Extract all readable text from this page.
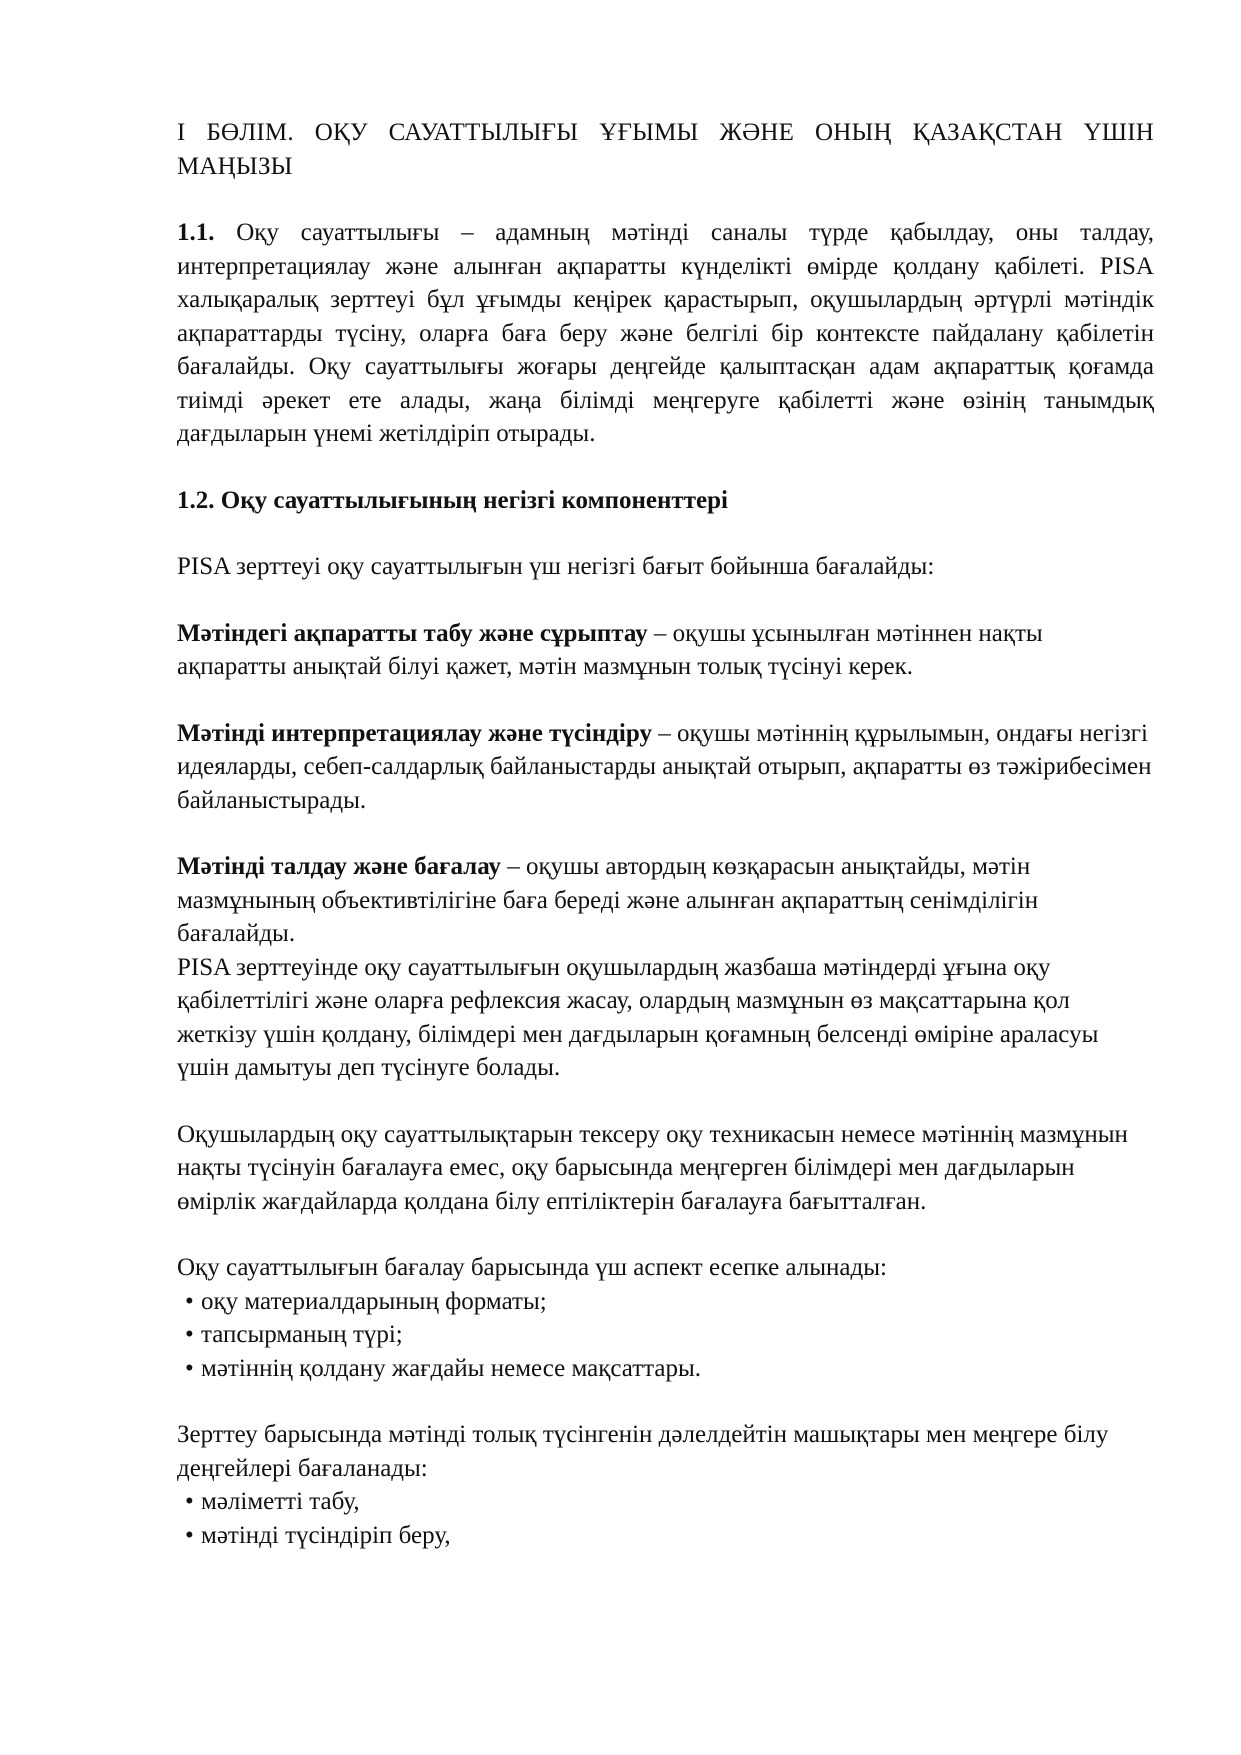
І БӨЛІМ. ОҚУ САУАТТЫЛЫҒЫ ҰҒЫМЫ ЖӘНЕ ОНЫҢ ҚАЗАҚСТАН ҮШІН МАҢЫЗЫ

1.1. Оқу сауаттылығы – адамның мәтінді саналы түрде қабылдау, оны талдау, интерпретациялау және алынған ақпаратты күнделікті өмірде қолдану қабілеті. PISA халықаралық зерттеуі бұл ұғымды кеңірек қарастырып, оқушылардың әртүрлі мәтіндік ақпараттарды түсіну, оларға баға беру және белгілі бір контексте пайдалану қабілетін бағалайды. Оқу сауаттылығы жоғары деңгейде қалыптасқан адам ақпараттық қоғамда тиімді әрекет ете алады, жаңа білімді меңгеруге қабілетті және өзінің танымдық дағдыларын үнемі жетілдіріп отырады.

1.2. Оқу сауаттылығының негізгі компоненттері

PISA зерттеуі оқу сауаттылығын үш негізгі бағыт бойынша бағалайды:

Мәтіндегі ақпаратты табу және сұрыптау – оқушы ұсынылған мәтіннен нақты ақпаратты анықтай білуі қажет, мәтін мазмұнын толық түсінуі керек.

Мәтінді интерпретациялау және түсіндіру – оқушы мәтіннің құрылымын, ондағы негізгі идеяларды, себеп-салдарлық байланыстарды анықтай отырып, ақпаратты өз тәжірибесімен байланыстырады.

Мәтінді талдау және бағалау – оқушы автордың көзқарасын анықтайды, мәтін мазмұнының объективтілігіне баға береді және алынған ақпараттың сенімділігін бағалайды.

PISA зерттеуінде оқу сауаттылығын оқушылардың жазбаша мәтіндерді ұғына оқу қабілеттілігі және оларға рефлексия жасау, олардың мазмұнын өз мақсаттарына қол жеткізу үшін қолдану, білімдері мен дағдыларын қоғамның белсенді өміріне араласуы үшін дамытуы деп түсінуге болады.

Оқушылардың оқу сауаттылықтарын тексеру оқу техникасын немесе мәтіннің мазмұнын нақты түсінуін бағалауға емес, оқу барысында меңгерген білімдері мен дағдыларын өмірлік жағдайларда қолдана білу ептіліктерін бағалауға бағытталған.

Оқу сауаттылығын бағалау барысында үш аспект есепке алынады:

• оқу материалдарының форматы;
• тапсырманың түрі;
• мәтіннің қолдану жағдайы немесе мақсаттары.

Зерттеу барысында мәтінді толық түсінгенін дәлелдейтін машықтары мен меңгере білу деңгейлері бағаланады:

• мәліметті табу,
• мәтінді түсіндіріп беру,
